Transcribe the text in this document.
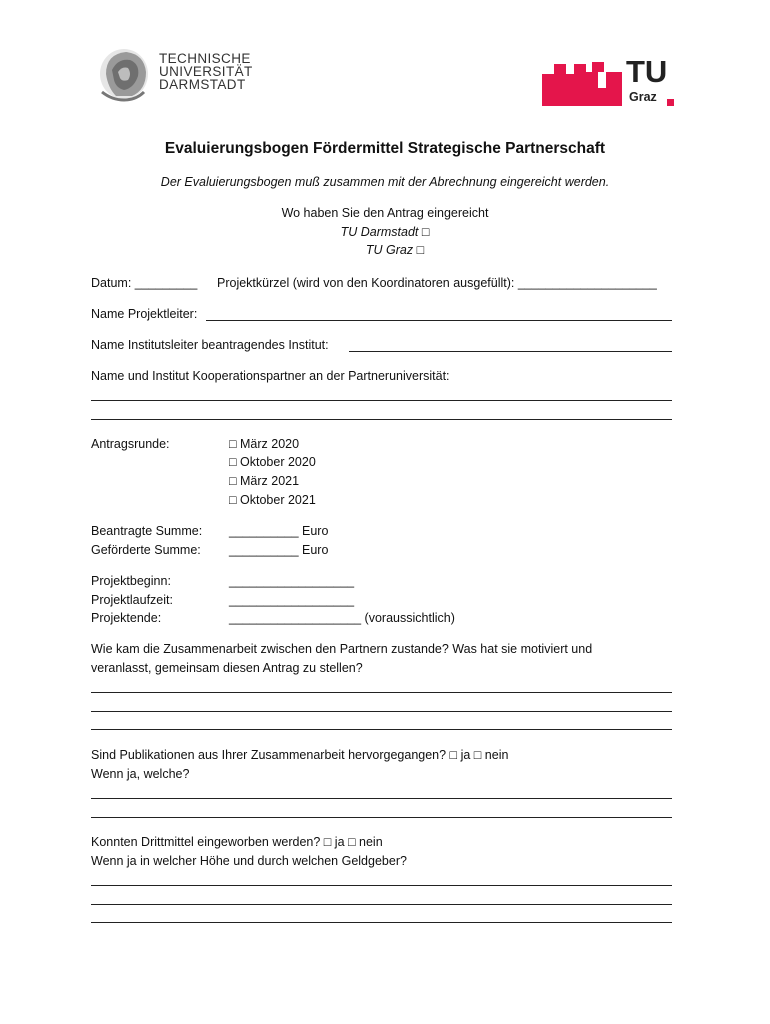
TECHNISCHE
UNIVERSITÄT
DARMSTADT	TU
Graz
Evaluierungsbogen Fördermittel Strategische Partnerschaft
Der Evaluierungsbogen muß zusammen mit der Abrechnung eingereicht werden.
Wo haben Sie den Antrag eingereicht
TU Darmstadt □
TU Graz □
Datum: _________ Projektkürzel (wird von den Koordinatoren ausgefüllt): ____________________
Name Projektleiter:
Name Institutsleiter beantragendes Institut:
Name und Institut Kooperationspartner an der Partneruniversität:
Antragsrunde:	□ März 2020
□ Oktober 2020
□ März 2021
□ Oktober 2021
Beantragte Summe: __________ Euro
Geförderte Summe: __________ Euro
Projektbeginn:	__________________
Projektlaufzeit:	__________________
Projektende:	___________________ (voraussichtlich)
Wie kam die Zusammenarbeit zwischen den Partnern zustande? Was hat sie motiviert und
veranlasst, gemeinsam diesen Antrag zu stellen?
Sind Publikationen aus Ihrer Zusammenarbeit hervorgegangen? □ ja □ nein
Wenn ja, welche?
Konnten Drittmittel eingeworben werden? □ ja □ nein
Wenn ja in welcher Höhe und durch welchen Geldgeber?
